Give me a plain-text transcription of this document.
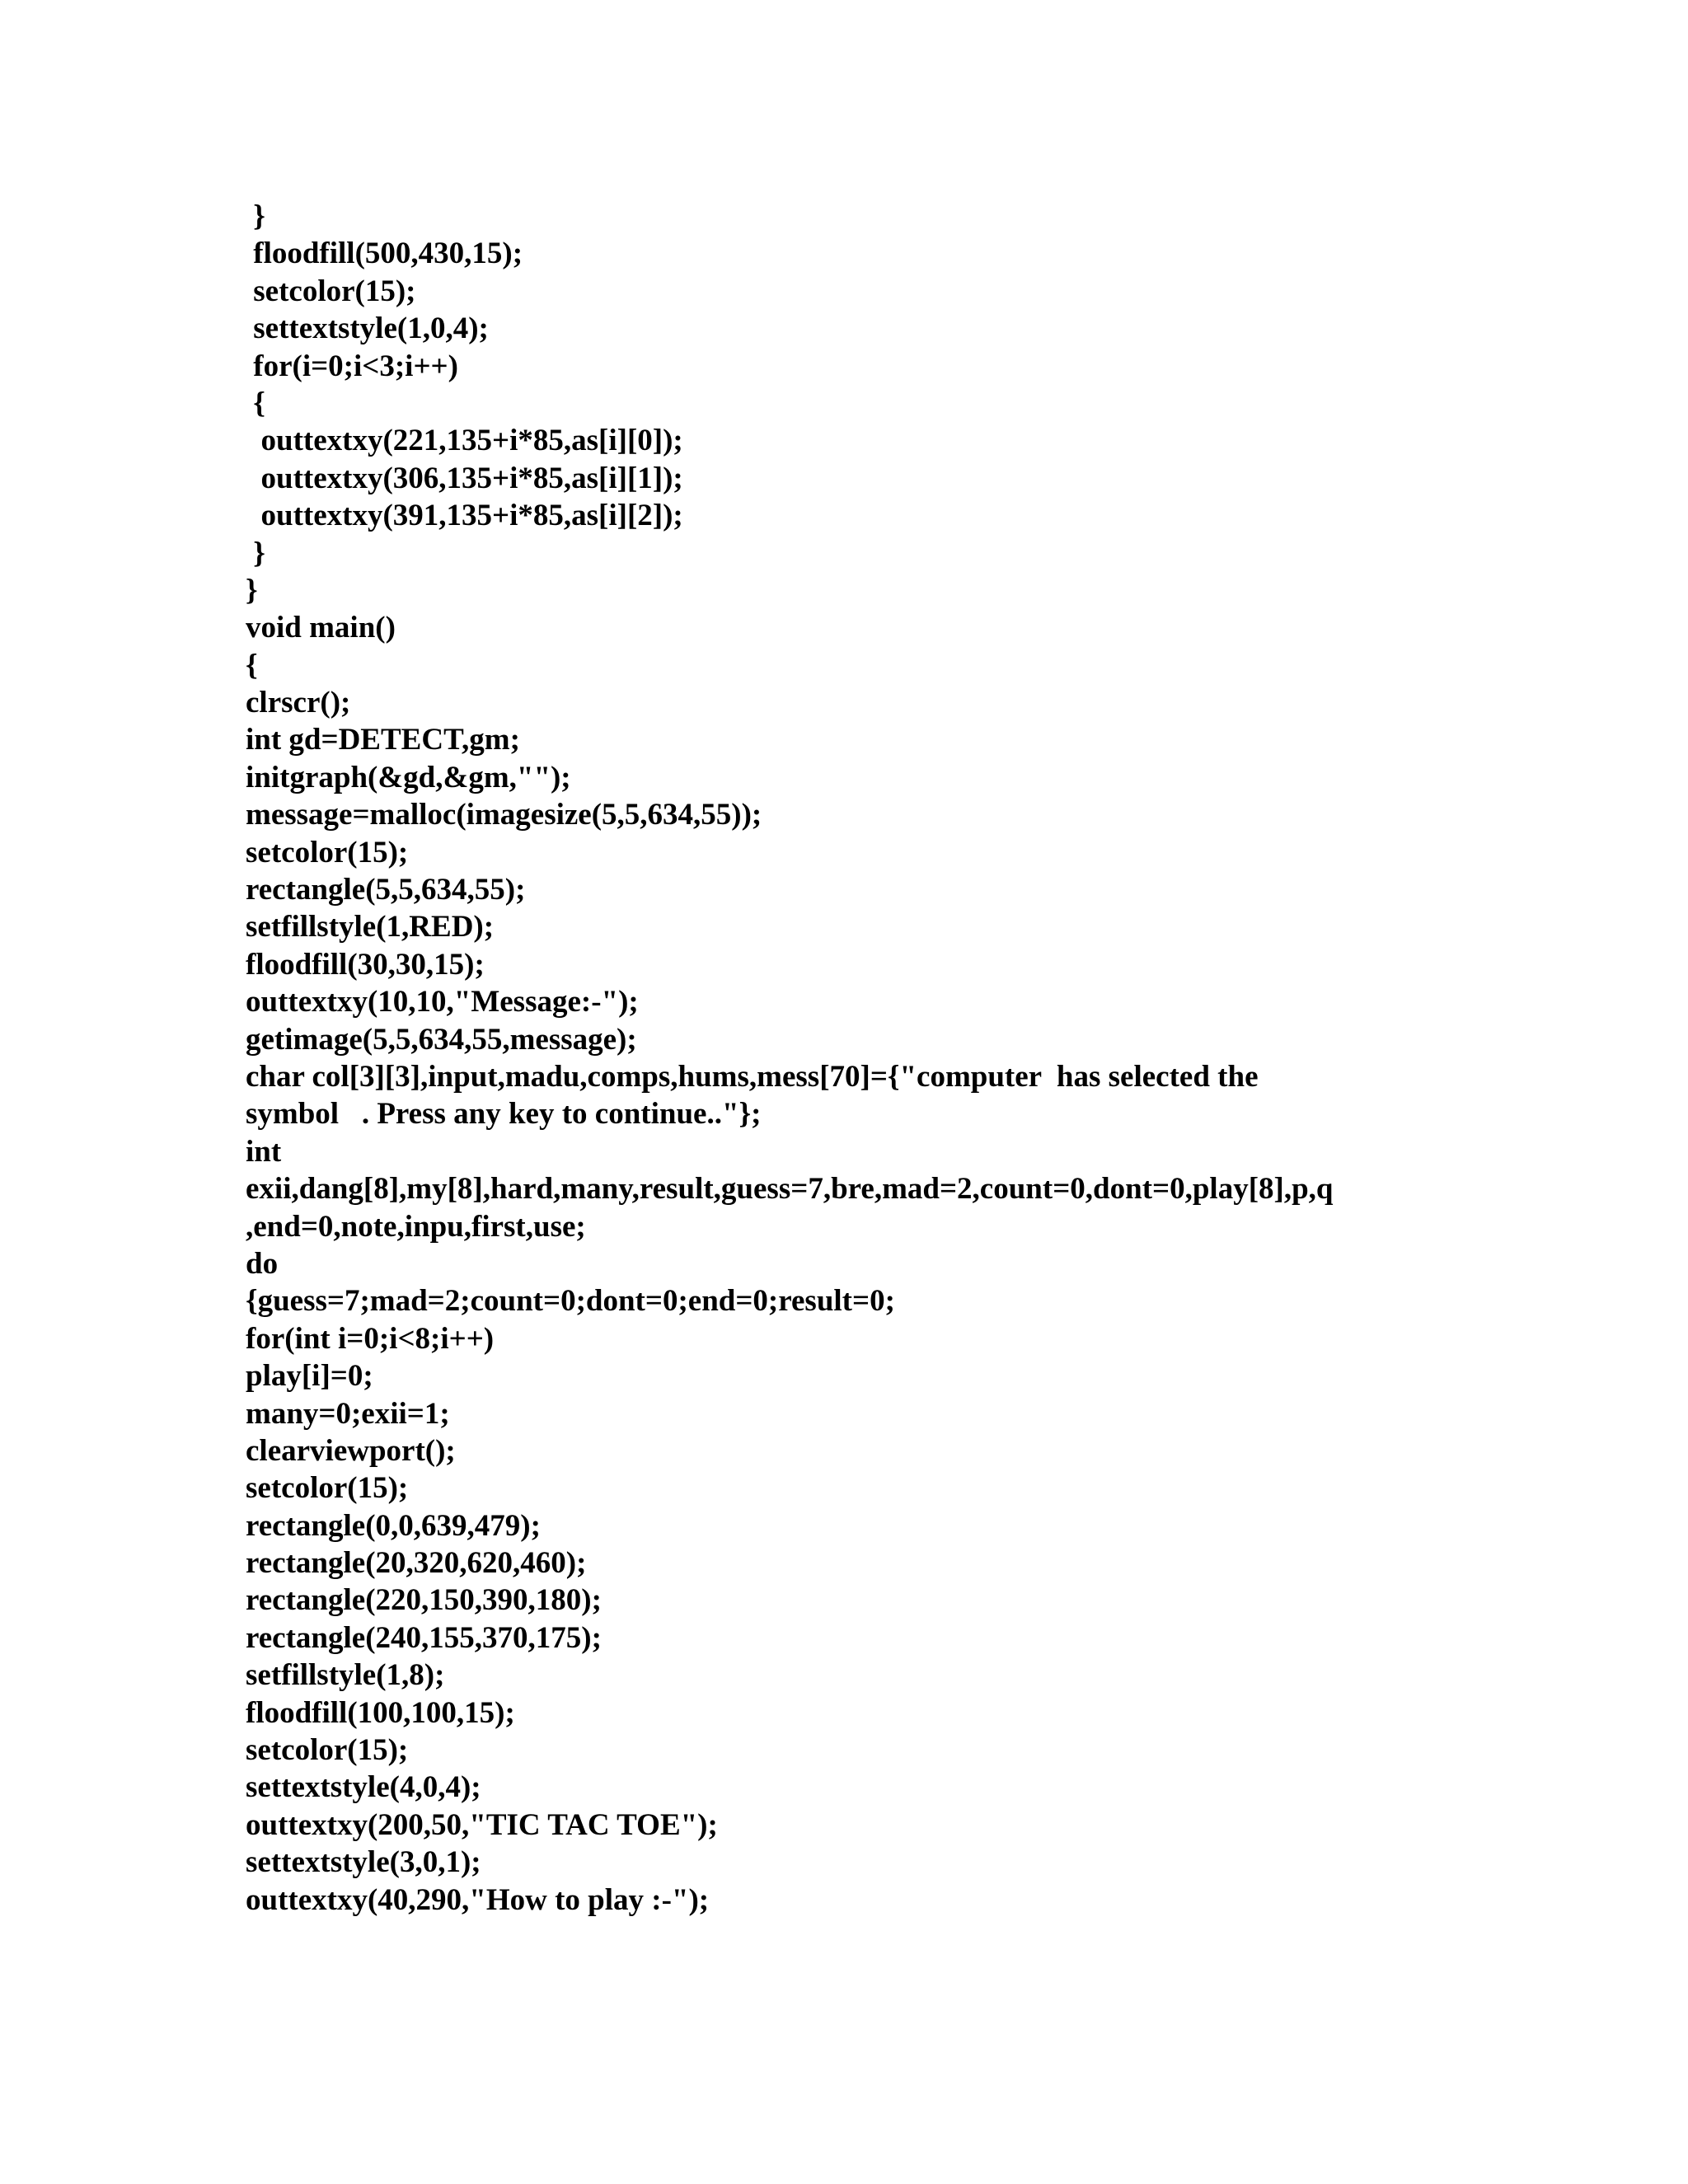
}
floodfill(500,430,15);
setcolor(15);
settextstyle(1,0,4);
for(i=0;i<3;i++)
{
outtextxy(221,135+i*85,as[i][0]);
outtextxy(306,135+i*85,as[i][1]);
outtextxy(391,135+i*85,as[i][2]);
}
}
void main()
{
clrscr();
int gd=DETECT,gm;
initgraph(&gd,&gm,"");
message=malloc(imagesize(5,5,634,55));
setcolor(15);
rectangle(5,5,634,55);
setfillstyle(1,RED);
floodfill(30,30,15);
outtextxy(10,10,"Message:-");
getimage(5,5,634,55,message);
char col[3][3],input,madu,comps,hums,mess[70]={"computer  has selected the
symbol   . Press any key to continue.."};
int
exii,dang[8],my[8],hard,many,result,guess=7,bre,mad=2,count=0,dont=0,play[8],p,q
,end=0,note,inpu,first,use;
do
{guess=7;mad=2;count=0;dont=0;end=0;result=0;
for(int i=0;i<8;i++)
play[i]=0;
many=0;exii=1;
clearviewport();
setcolor(15);
rectangle(0,0,639,479);
rectangle(20,320,620,460);
rectangle(220,150,390,180);
rectangle(240,155,370,175);
setfillstyle(1,8);
floodfill(100,100,15);
setcolor(15);
settextstyle(4,0,4);
outtextxy(200,50,"TIC TAC TOE");
settextstyle(3,0,1);
outtextxy(40,290,"How to play :-");
